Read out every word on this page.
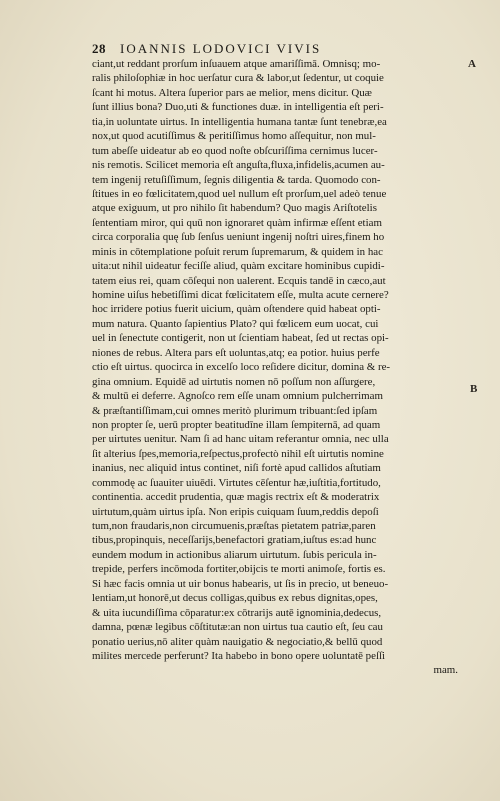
28 IOANNIS LODOVICI VIVIS
A
B
ciant,ut reddant prorſum inſuauem atque amariſſimā. Omnisq; mo-
ralis philoſophiæ in hoc uerſatur cura & labor,ut ſedentur, ut coquie
ſcant hi motus. Altera ſuperior pars ae melior, mens dicitur. Quæ
ſunt illius bona? Duo,uti & functiones duæ. in intelligentia eſt peri-
tia,in uoluntate uirtus. In intelligentia humana tantæ ſunt tenebræ,ea
nox,ut quod acutiſſimus & peritiſſimus homo aſſequitur, non mul-
tum abeſſe uideatur ab eo quod noſte obſcuriſſima cernimus lucer-
nis remotis. Scilicet memoria eſt anguſta,fluxa,infidelis,acumen au-
tem ingenij retuſiſſimum, ſegnis diligentia & tarda. Quomodo con-
ſtitues in eo fœlicitatem,quod uel nullum eſt prorſum,uel adeò tenue
atque exiguum, ut pro nihilo ſit habendum? Quo magis Ariſtotelis
ſententiam miror, qui quū non ignoraret quàm infirmæ eſſent etiam
circa corporalia quę ſub ſenſus ueniunt ingenij noſtri uires,finem ho
minis in cōtemplatione poſuit rerum ſupremarum, & quidem in hac
uita:ut nihil uideatur feciſſe aliud, quàm excitare hominibus cupidi-
tatem eius rei, quam cōſequi non ualerent. Ecquis tandē in cæco,aut
homine uiſus hebetiſſimi dicat fœlicitatem eſſe, multa acute cernere?
hoc irridere potius fuerit uicium, quàm oſtendere quid habeat opti-
mum natura. Quanto ſapientius Plato? qui fœlicem eum uocat, cui
uel in ſenectute contigerit, non ut ſcientiam habeat, ſed ut rectas opi-
niones de rebus. Altera pars eſt uoluntas,atq; ea potior. huius perfe
ctio eſt uirtus. quocirca in excelſo loco reſidere dicitur, domina & re-
gina omnium. Equidē ad uirtutis nomen nō poſſum non aſſurgere,
& multū ei deferre. Agnoſco rem eſſe unam omnium pulcherrimam
& præſtantiſſimam,cui omnes meritò plurimum tribuant:ſed ipſam
non propter ſe, uerū propter beatitudīne illam ſempiternā, ad quam
per uirtutes uenitur. Nam ſi ad hanc uitam referantur omnia, nec ulla
ſit alterius ſpes,memoria,reſpectus,profectò nihil eſt uirtutis nomine
inanius, nec aliquid intus continet, niſi fortè apud callidos aſtutiam
commodę ac ſuauiter uiuēdi. Virtutes cēſentur hæ,iuſtitia,fortitudo,
continentia. accedit prudentia, quæ magis rectrix eſt & moderatrix
uirtutum,quàm uirtus ipſa. Non eripis cuiquam ſuum,reddis depoſi
tum,non fraudaris,non circumuenis,præſtas pietatem patriæ,paren
tibus,propinquis, neceſſarijs,benefactori gratiam,iuſtus es:ad hunc
eundem modum in actionibus aliarum uirtutum. ſubis pericula in-
trepide, perfers incōmoda fortiter,obijcis te morti animoſe, fortis es.
Si hæc facis omnia ut uir bonus habearis, ut ſis in precio, ut beneuo-
lentiam,ut honorē,ut decus colligas,quibus ex rebus dignitas,opes,
& uita iucundiſſima cōparatur:ex cōtrarijs autē ignominia,dedecus,
damna, pœnæ legibus cōſtitutæ:an non uirtus tua cautio eſt, ſeu cau
ponatio uerius,nō aliter quàm nauigatio & negociatio,& bellū quod
milites mercede perferunt? Ita habebo in bono opere uoluntatē peſſi
mam.
